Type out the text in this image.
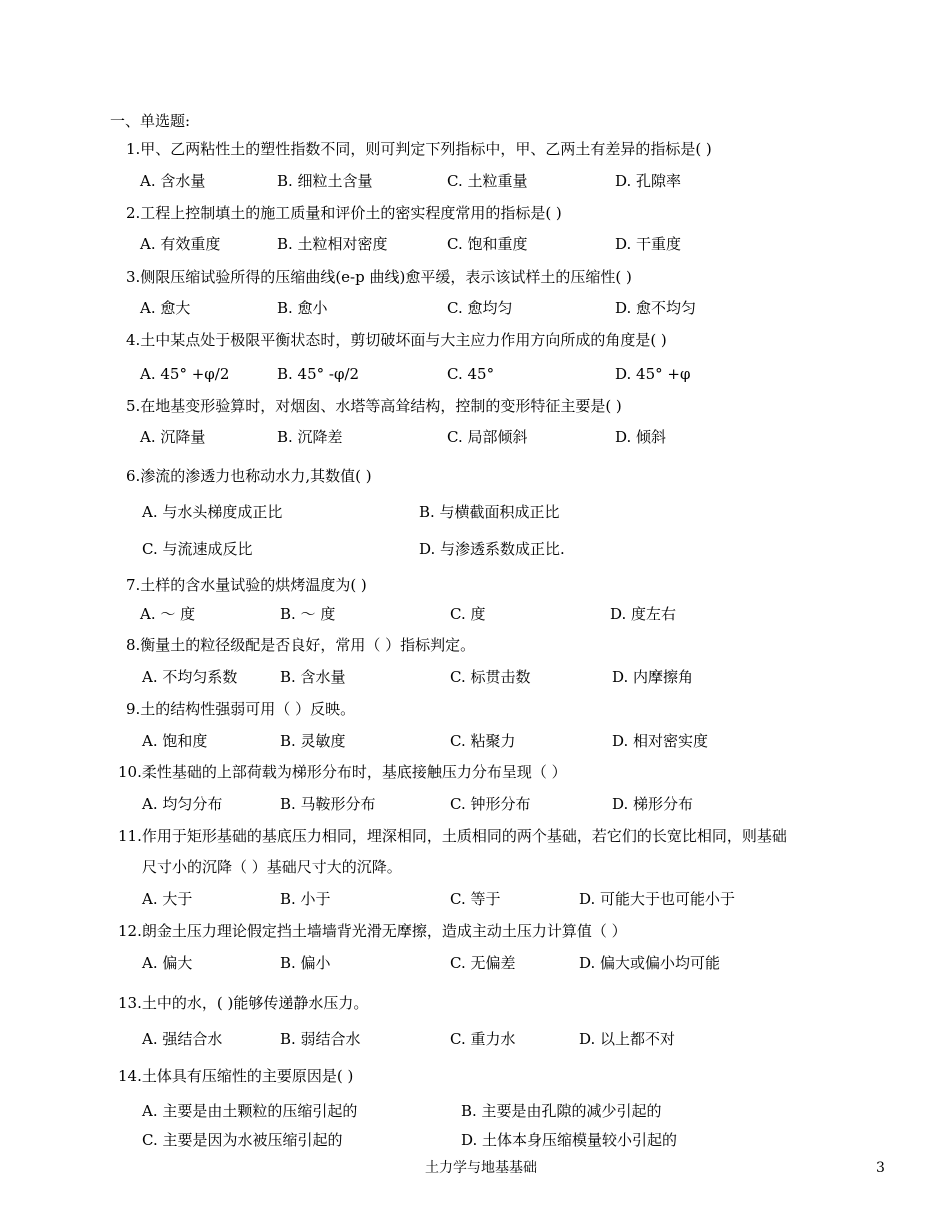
一、单选题:
1.甲、乙两粘性土的塑性指数不同，则可判定下列指标中，甲、乙两土有差异的指标是( )
A. 含水量	B. 细粒土含量	C. 土粒重量	D. 孔隙率
2.工程上控制填土的施工质量和评价土的密实程度常用的指标是( )
A. 有效重度	B. 土粒相对密度	C. 饱和重度	D. 干重度
3.侧限压缩试验所得的压缩曲线(e-p 曲线)愈平缓，表示该试样土的压缩性( )
A. 愈大	B. 愈小	C. 愈均匀	D. 愈不均匀
4.土中某点处于极限平衡状态时，剪切破坏面与大主应力作用方向所成的角度是( )
A. 45° +φ/2	B. 45° -φ/2	C. 45°	D. 45° +φ
5.在地基变形验算时，对烟囱、水塔等高耸结构，控制的变形特征主要是( )
A. 沉降量	B. 沉降差	C. 局部倾斜	D. 倾斜
6.渗流的渗透力也称动水力,其数值( )
A. 与水头梯度成正比	B. 与横截面积成正比
C. 与流速成反比	D. 与渗透系数成正比.
7.土样的含水量试验的烘烤温度为( )
A. ～ 度	B. ～ 度	C. 度	D. 度左右
8.衡量土的粒径级配是否良好，常用（ ）指标判定。
A. 不均匀系数	B. 含水量	C. 标贯击数	D. 内摩擦角
9.土的结构性强弱可用（ ）反映。
A. 饱和度	B. 灵敏度	C. 粘聚力	D. 相对密实度
10.柔性基础的上部荷载为梯形分布时，基底接触压力分布呈现（ ）
A. 均匀分布	B. 马鞍形分布	C. 钟形分布	D. 梯形分布
11.作用于矩形基础的基底压力相同，埋深相同，土质相同的两个基础，若它们的长宽比相同，则基础
尺寸小的沉降（ ）基础尺寸大的沉降。
A. 大于	B. 小于	C. 等于	D. 可能大于也可能小于
12.朗金土压力理论假定挡土墙墙背光滑无摩擦，造成主动土压力计算值（ ）
A. 偏大	B. 偏小	C. 无偏差	D. 偏大或偏小均可能
13.土中的水，( )能够传递静水压力。
A. 强结合水	B. 弱结合水	C. 重力水	D. 以上都不对
14.土体具有压缩性的主要原因是( )
A. 主要是由土颗粒的压缩引起的	B. 主要是由孔隙的减少引起的
C. 主要是因为水被压缩引起的	D. 土体本身压缩模量较小引起的
土力学与地基基础	3
